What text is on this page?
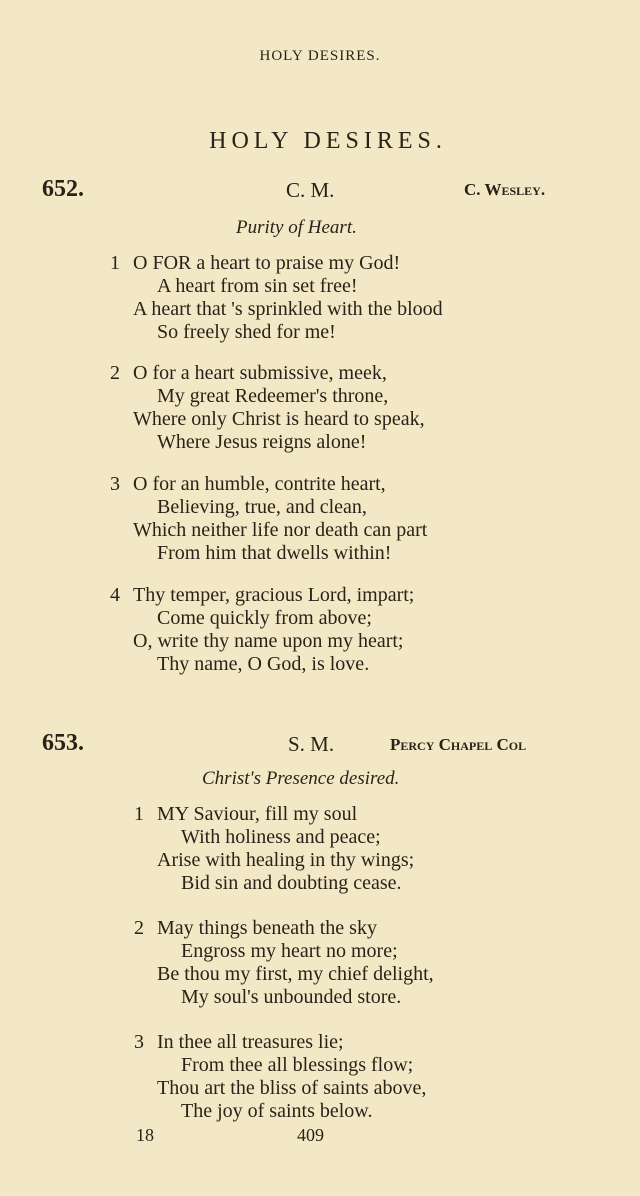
HOLY DESIRES.
HOLY DESIRES.
652.	C. M.	C. Wesley.
Purity of Heart.
653.	S. M.	Percy Chapel Col
Christ's Presence desired.
1 O FOR a heart to praise my God!
A heart from sin set free!
A heart that 's sprinkled with the blood
So freely shed for me!
2 O for a heart submissive, meek,
My great Redeemer's throne,
Where only Christ is heard to speak,
Where Jesus reigns alone!
3 O for an humble, contrite heart,
Believing, true, and clean,
Which neither life nor death can part
From him that dwells within!
4 Thy temper, gracious Lord, impart;
Come quickly from above;
O, write thy name upon my heart;
Thy name, O God, is love.
1 MY Saviour, fill my soul
With holiness and peace;
Arise with healing in thy wings;
Bid sin and doubting cease.
2 May things beneath the sky
Engross my heart no more;
Be thou my first, my chief delight,
My soul's unbounded store.
3 In thee all treasures lie;
From thee all blessings flow;
Thou art the bliss of saints above,
The joy of saints below.
18	409
